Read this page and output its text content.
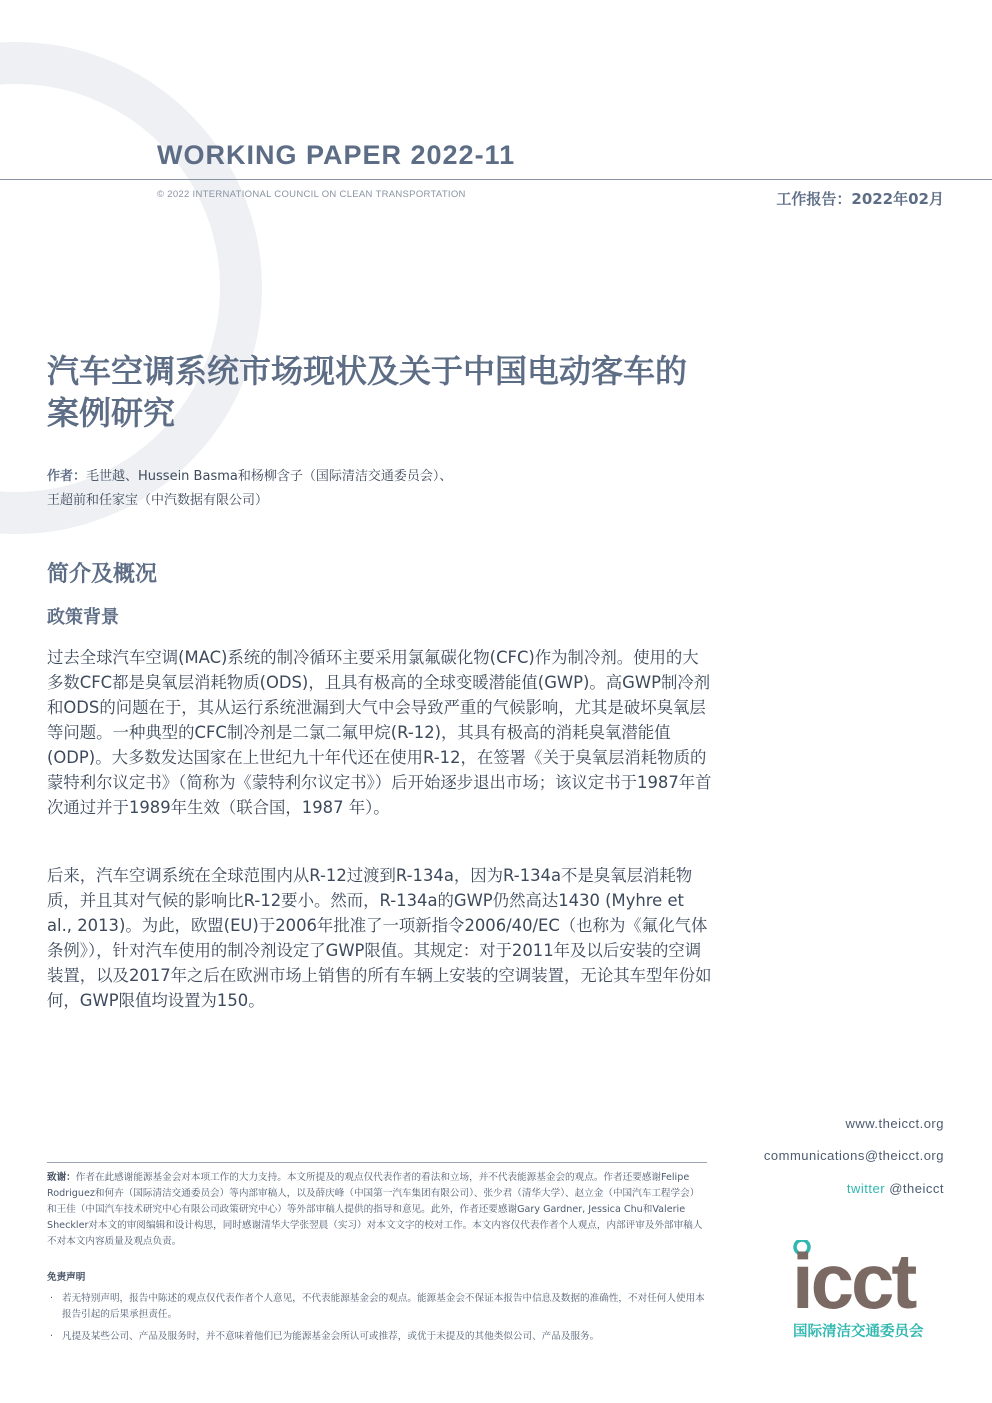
WORKING PAPER 2022-11
© 2022 INTERNATIONAL COUNCIL ON CLEAN TRANSPORTATION	工作报告：2022年02月
汽车空调系统市场现状及关于中国电动客车的案例研究
作者：毛世越、Hussein Basma和杨柳含子（国际清洁交通委员会）、
王超前和任家宝（中汽数据有限公司）
简介及概况
政策背景

过去全球汽车空调(MAC)系统的制冷循环主要采用氯氟碳化物(CFC)作为制冷剂。使用的大多数CFC都是臭氧层消耗物质(ODS)，且具有极高的全球变暖潜能值(GWP)。高GWP制冷剂和ODS的问题在于，其从运行系统泄漏到大气中会导致严重的气候影响，尤其是破坏臭氧层等问题。一种典型的CFC制冷剂是二氯二氟甲烷(R-12)，其具有极高的消耗臭氧潜能值(ODP)。大多数发达国家在上世纪九十年代还在使用R-12，在签署《关于臭氧层消耗物质的蒙特利尔议定书》（简称为《蒙特利尔议定书》）后开始逐步退出市场；该议定书于1987年首次通过并于1989年生效（联合国，1987 年）。

后来，汽车空调系统在全球范围内从R-12过渡到R-134a，因为R-134a不是臭氧层消耗物质，并且其对气候的影响比R-12要小。然而，R-134a的GWP仍然高达1430 (Myhre et al., 2013)。为此，欧盟(EU)于2006年批准了一项新指令2006/40/EC（也称为《氟化气体条例》），针对汽车使用的制冷剂设定了GWP限值。其规定：对于2011年及以后安装的空调装置，以及2017年之后在欧洲市场上销售的所有车辆上安装的空调装置，无论其车型年份如何，GWP限值均设置为150。

www.theicct.org
communications@theicct.org
twitter @theicct
icct
国际清洁交通委员会

致谢：作者在此感谢能源基金会对本项工作的大力支持。本文所提及的观点仅代表作者的看法和立场，并不代表能源基金会的观点。作者还要感谢Felipe Rodriguez和何卉（国际清洁交通委员会）等内部审稿人，以及薛庆峰（中国第一汽车集团有限公司）、张少君（清华大学）、赵立金（中国汽车工程学会）和王佳（中国汽车技术研究中心有限公司政策研究中心）等外部审稿人提供的指导和意见。此外，作者还要感谢Gary Gardner, Jessica Chu和Valerie Sheckler对本文的审阅编辑和设计构思，同时感谢清华大学张翌晨（实习）对本文文字的校对工作。本文内容仅代表作者个人观点，内部评审及外部审稿人不对本文内容质量及观点负责。

免责声明

· 若无特别声明，报告中陈述的观点仅代表作者个人意见，不代表能源基金会的观点。能源基金会不保证本报告中信息及数据的准确性，不对任何人使用本报告引起的后果承担责任。

· 凡提及某些公司、产品及服务时，并不意味着他们已为能源基金会所认可或推荐，或优于未提及的其他类似公司、产品及服务。
